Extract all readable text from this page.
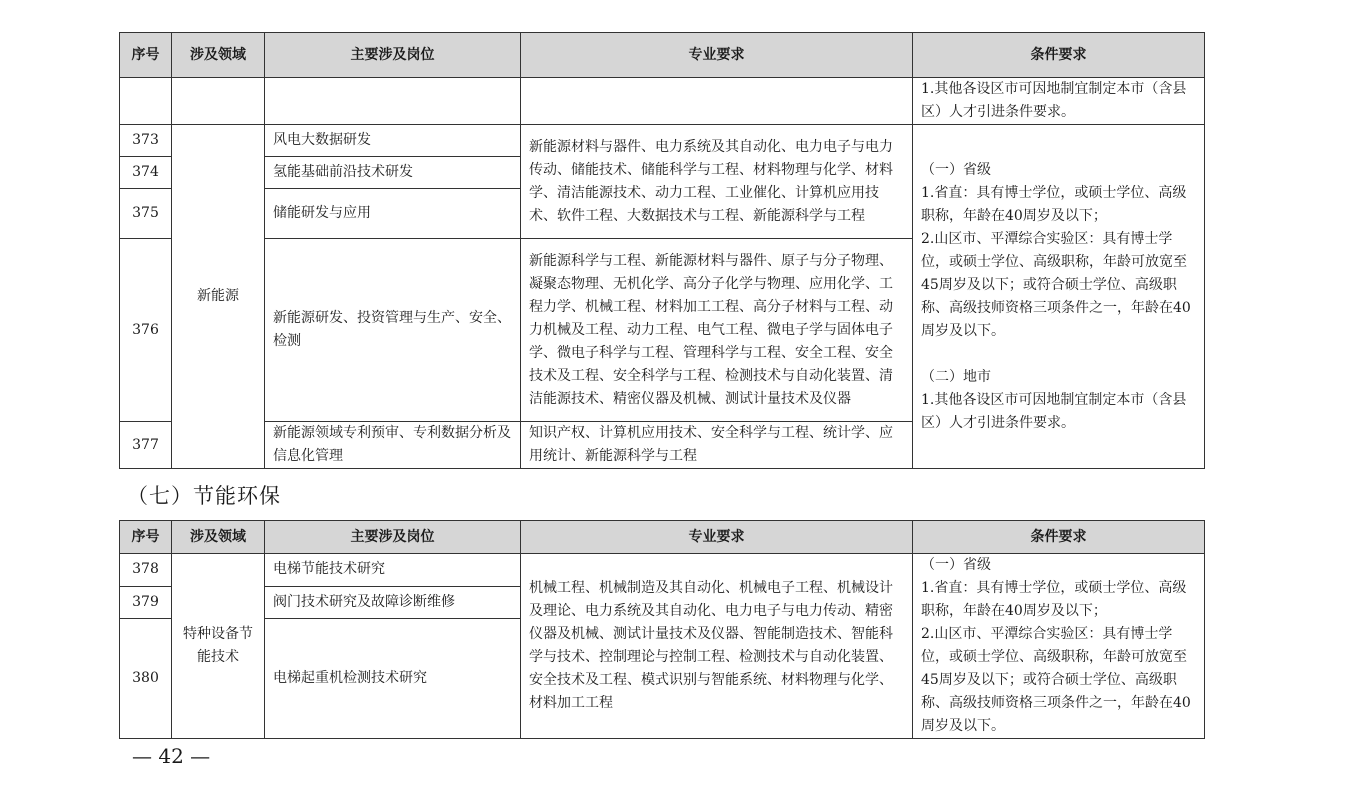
序号	涉及领域	主要涉及岗位	专业要求	条件要求
				1.其他各设区市可因地制宜制定本市（含县区）人才引进条件要求。
373	新能源	风电大数据研发	新能源材料与器件、电力系统及其自动化、电力电子与电力传动、储能技术、储能科学与工程、材料物理与化学、材料学、清洁能源技术、动力工程、工业催化、计算机应用技术、软件工程、大数据技术与工程、新能源科学与工程	（一）省级
1.省直：具有博士学位，或硕士学位、高级职称，年龄在40周岁及以下；
2.山区市、平潭综合实验区：具有博士学位，或硕士学位、高级职称，年龄可放宽至45周岁及以下；或符合硕士学位、高级职称、高级技师资格三项条件之一，年龄在40周岁及以下。

（二）地市
1.其他各设区市可因地制宜制定本市（含县区）人才引进条件要求。

374		氢能基础前沿技术研发		
375		储能研发与应用		
376		新能源研发、投资管理与生产、安全、检测	新能源科学与工程、新能源材料与器件、原子与分子物理、凝聚态物理、无机化学、高分子化学与物理、应用化学、工程力学、机械工程、材料加工工程、高分子材料与工程、动力机械及工程、动力工程、电气工程、微电子学与固体电子学、微电子科学与工程、管理科学与工程、安全工程、安全技术及工程、安全科学与工程、检测技术与自动化装置、清洁能源技术、精密仪器及机械、测试计量技术及仪器	
377		新能源领域专利预审、专利数据分析及信息化管理	知识产权、计算机应用技术、安全科学与工程、统计学、应用统计、新能源科学与工程	
（七）节能环保
序号	涉及领域	主要涉及岗位	专业要求	条件要求
378	特种设备节能技术	电梯节能技术研究	机械工程、机械制造及其自动化、机械电子工程、机械设计及理论、电力系统及其自动化、电力电子与电力传动、精密仪器及机械、测试计量技术及仪器、智能制造技术、智能科学与技术、控制理论与控制工程、检测技术与自动化装置、安全技术及工程、模式识别与智能系统、材料物理与化学、材料加工工程	（一）省级
1.省直：具有博士学位，或硕士学位、高级职称，年龄在40周岁及以下；
2.山区市、平潭综合实验区：具有博士学位，或硕士学位、高级职称，年龄可放宽至45周岁及以下；或符合硕士学位、高级职称、高级技师资格三项条件之一，年龄在40周岁及以下。

379		阀门技术研究及故障诊断维修		
380		电梯起重机检测技术研究		
— 42 —
